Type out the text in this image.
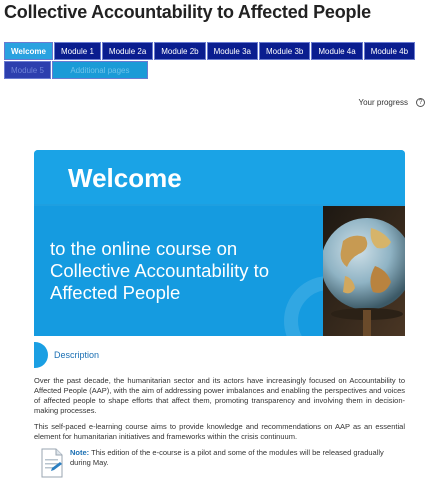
Collective Accountability to Affected People
Welcome	Module 1	Module 2a	Module 2b	Module 3a	Module 3b	Module 4a	Module 4b
Module 5	Additional pages
Your progress	?
Welcome
to the online course on Collective Accountability to Affected People
Description

Over the past decade, the humanitarian sector and its actors have increasingly focused on Accountability to Affected People (AAP), with the aim of addressing power imbalances and enabling the perspectives and voices of affected people to shape efforts that affect them, promoting transparency and involving them in decision-making processes.

This self-paced e-learning course aims to provide knowledge and recommendations on AAP as an essential element for humanitarian initiatives and frameworks within the crisis continuum.

Note: This edition of the e-course is a pilot and some of the modules will be released gradually during May.
